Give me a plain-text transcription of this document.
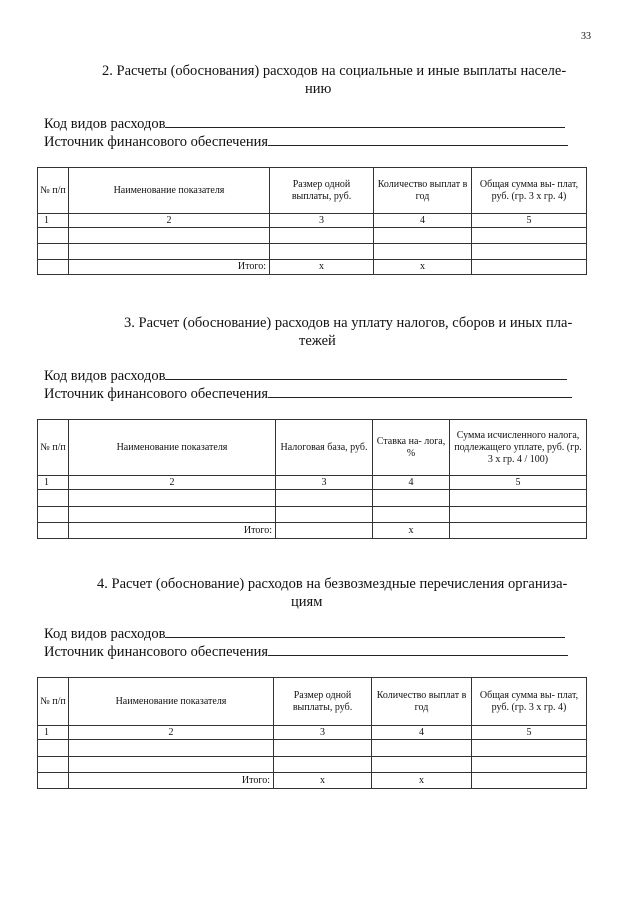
33
2. Расчеты (обоснования) расходов на социальные и иные выплаты населе-
нию
Код видов расходов
Источник финансового обеспечения
№ п/п	Наименование показателя	Размер одной выплаты, руб.	Количество выплат в год	Общая сумма вы- плат, руб. (гр. 3 х гр. 4)
1	2	3	4	5

	Итого:	х	х	
3. Расчет (обоснование) расходов на уплату налогов, сборов и иных пла-
тежей
Код видов расходов
Источник финансового обеспечения
№ п/п	Наименование показателя	Налоговая база, руб.	Ставка на- лога, %	Сумма исчисленного налога, подлежащего уплате, руб. (гр. 3 х гр. 4 / 100)
1	2	3	4	5

	Итого:		х	
4. Расчет (обоснование) расходов на безвозмездные перечисления организа-
циям
Код видов расходов
Источник финансового обеспечения
№ п/п	Наименование показателя	Размер одной выплаты, руб.	Количество выплат в год	Общая сумма вы- плат, руб. (гр. 3 х гр. 4)
1	2	3	4	5

	Итого:	х	х	
